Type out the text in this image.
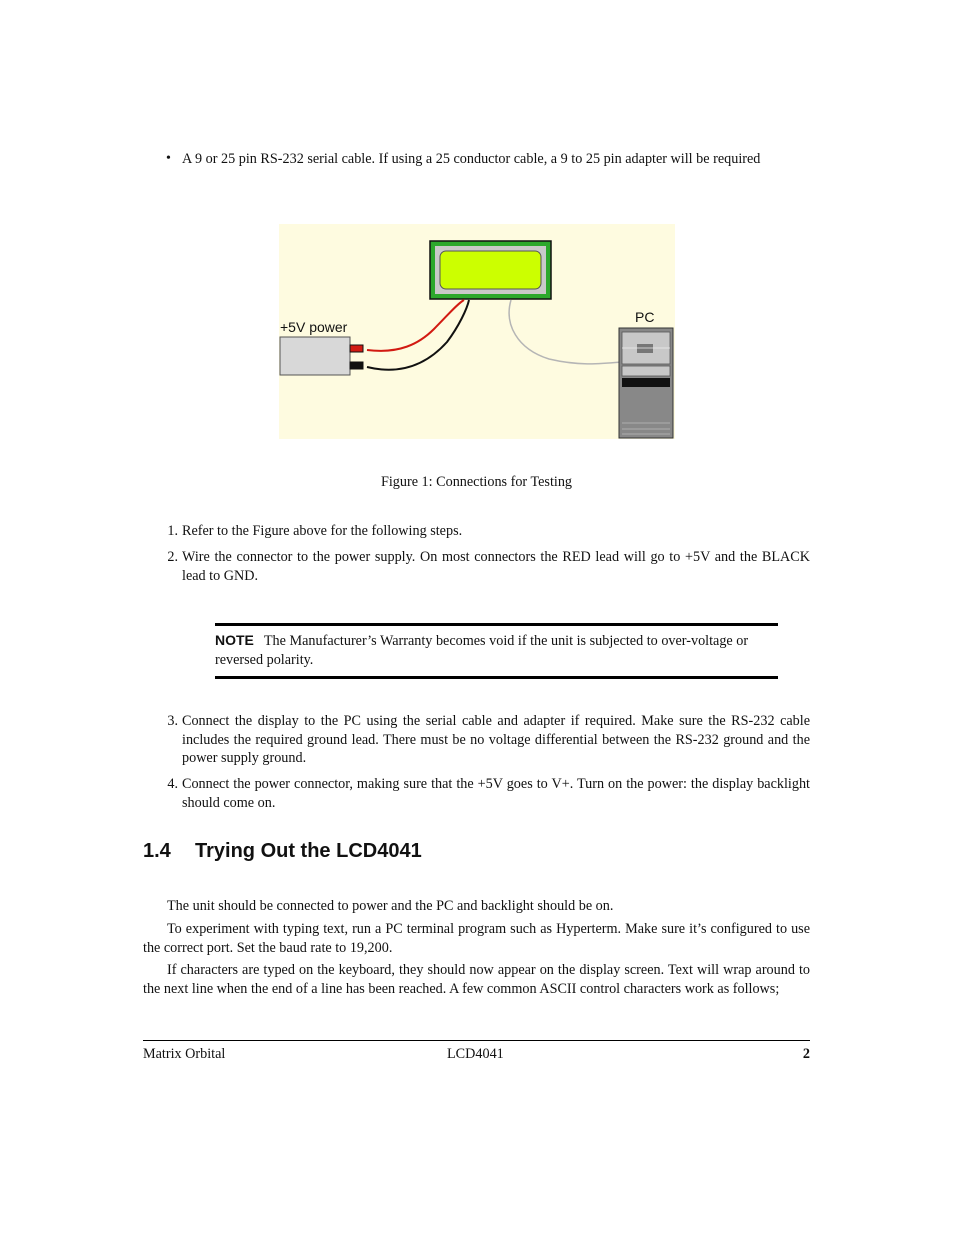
• A 9 or 25 pin RS-232 serial cable. If using a 25 conductor cable, a 9 to 25 pin adapter will be required
+5V power
PC
Figure 1: Connections for Testing
1. Refer to the Figure above for the following steps.
2. Wire the connector to the power supply. On most connectors the RED lead will go to +5V and the BLACK lead to GND.
NOTE The Manufacturer’s Warranty becomes void if the unit is subjected to over-voltage or reversed polarity.
3. Connect the display to the PC using the serial cable and adapter if required. Make sure the RS-232 cable includes the required ground lead. There must be no voltage differential between the RS-232 ground and the power supply ground.
4. Connect the power connector, making sure that the +5V goes to V+. Turn on the power: the display backlight should come on.
1.4 Trying Out the LCD4041
The unit should be connected to power and the PC and backlight should be on.
To experiment with typing text, run a PC terminal program such as Hyperterm. Make sure it’s configured to use the correct port. Set the baud rate to 19,200.
If characters are typed on the keyboard, they should now appear on the display screen. Text will wrap around to the next line when the end of a line has been reached. A few common ASCII control characters work as follows;
Matrix Orbital	LCD4041	2
